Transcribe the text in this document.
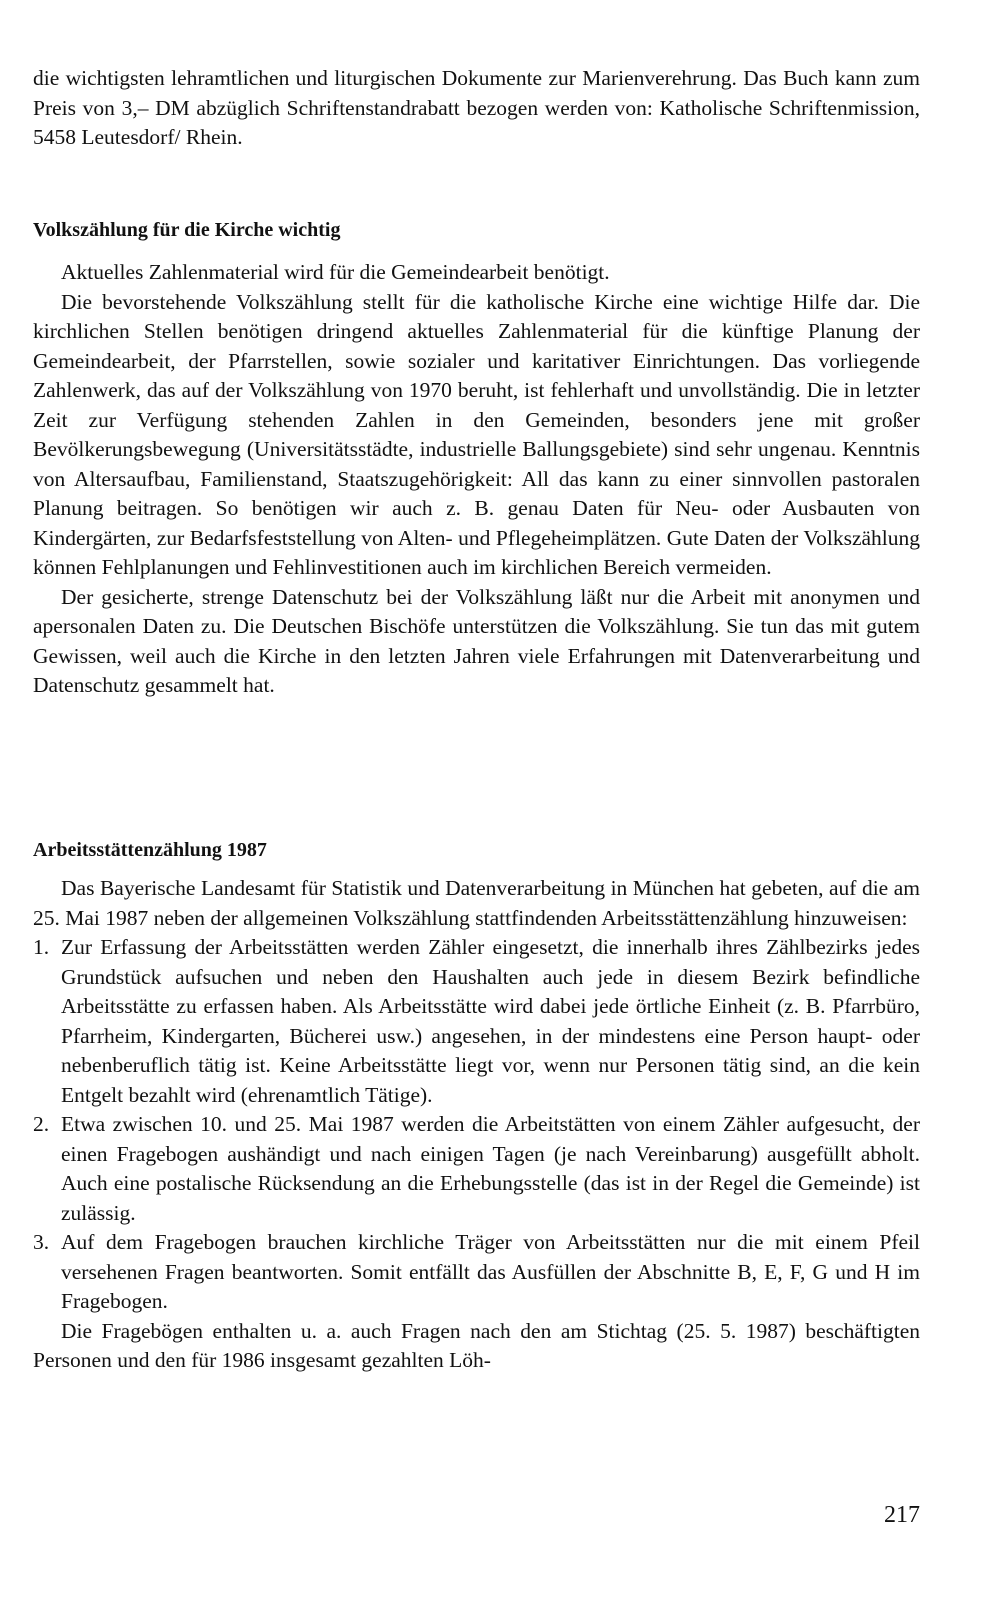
die wichtigsten lehramtlichen und liturgischen Dokumente zur Marienverehrung. Das Buch kann zum Preis von 3,– DM abzüglich Schriftenstandrabatt bezogen werden von: Katholische Schriftenmission, 5458 Leutesdorf/ Rhein.

Volkszählung für die Kirche wichtig

Aktuelles Zahlenmaterial wird für die Gemeindearbeit benötigt.

Die bevorstehende Volkszählung stellt für die katholische Kirche eine wichtige Hilfe dar. Die kirchlichen Stellen benötigen dringend aktuelles Zahlenmaterial für die künftige Planung der Gemeindearbeit, der Pfarrstellen, sowie sozialer und karitativer Einrichtungen. Das vorliegende Zahlenwerk, das auf der Volkszählung von 1970 beruht, ist fehlerhaft und unvollständig. Die in letzter Zeit zur Verfügung stehenden Zahlen in den Gemeinden, besonders jene mit großer Bevölkerungsbewegung (Universitätsstädte, industrielle Ballungsgebiete) sind sehr ungenau. Kenntnis von Altersaufbau, Familienstand, Staatszugehörigkeit: All das kann zu einer sinnvollen pastoralen Planung beitragen. So benötigen wir auch z. B. genau Daten für Neu- oder Ausbauten von Kindergärten, zur Bedarfsfeststellung von Alten- und Pflegeheimplätzen. Gute Daten der Volkszählung können Fehlplanungen und Fehlinvestitionen auch im kirchlichen Bereich vermeiden.

Der gesicherte, strenge Datenschutz bei der Volkszählung läßt nur die Arbeit mit anonymen und apersonalen Daten zu. Die Deutschen Bischöfe unterstützen die Volkszählung. Sie tun das mit gutem Gewissen, weil auch die Kirche in den letzten Jahren viele Erfahrungen mit Datenverarbeitung und Datenschutz gesammelt hat.

Arbeitsstättenzählung 1987

Das Bayerische Landesamt für Statistik und Datenverarbeitung in München hat gebeten, auf die am 25. Mai 1987 neben der allgemeinen Volkszählung stattfindenden Arbeitsstättenzählung hinzuweisen:

1. Zur Erfassung der Arbeitsstätten werden Zähler eingesetzt, die innerhalb ihres Zählbezirks jedes Grundstück aufsuchen und neben den Haushalten auch jede in diesem Bezirk befindliche Arbeitsstätte zu erfassen haben. Als Arbeitsstätte wird dabei jede örtliche Einheit (z. B. Pfarrbüro, Pfarrheim, Kindergarten, Bücherei usw.) angesehen, in der mindestens eine Person haupt- oder nebenberuflich tätig ist. Keine Arbeitsstätte liegt vor, wenn nur Personen tätig sind, an die kein Entgelt bezahlt wird (ehrenamtlich Tätige).
2. Etwa zwischen 10. und 25. Mai 1987 werden die Arbeitstätten von einem Zähler aufgesucht, der einen Fragebogen aushändigt und nach einigen Tagen (je nach Vereinbarung) ausgefüllt abholt. Auch eine postalische Rücksendung an die Erhebungsstelle (das ist in der Regel die Gemeinde) ist zulässig.
3. Auf dem Fragebogen brauchen kirchliche Träger von Arbeitsstätten nur die mit einem Pfeil versehenen Fragen beantworten. Somit entfällt das Ausfüllen der Abschnitte B, E, F, G und H im Fragebogen.

Die Fragebögen enthalten u. a. auch Fragen nach den am Stichtag (25. 5. 1987) beschäftigten Personen und den für 1986 insgesamt gezahlten Löh-

217
